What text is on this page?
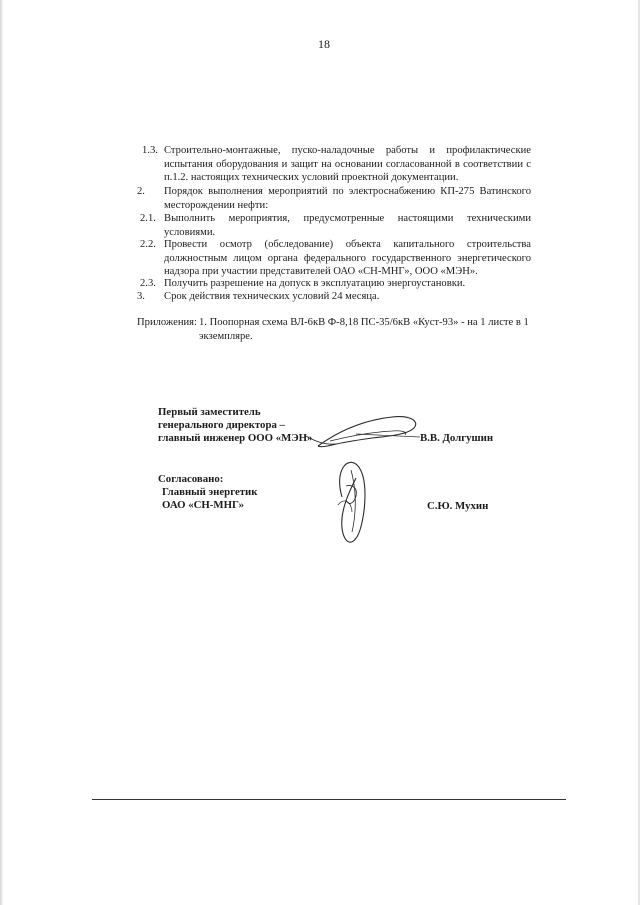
18
1.3. Строительно-монтажные, пуско-наладочные работы и профилактические испытания оборудования и защит на основании согласованной в соответствии с п.1.2. настоящих технических условий проектной документации.
2. Порядок выполнения мероприятий по электроснабжению КП-275 Ватинского месторождении нефти:
2.1. Выполнить мероприятия, предусмотренные настоящими техническими условиями.
2.2. Провести осмотр (обследование) объекта капитального строительства должностным лицом органа федерального государственного энергетического надзора при участии представителей ОАО «СН-МНГ», ООО «МЭН».
2.3. Получить разрешение на допуск в эксплуатацию энергоустановки.
3. Срок действия технических условий 24 месяца.
Приложения: 1. Поопорная схема ВЛ-6кВ Ф-8,18 ПС-35/6кВ «Куст-93» - на 1 листе в 1
экземпляре.
Первый заместитель
генерального директора –
главный инженер ООО «МЭН»	В.В. Долгушин
Согласовано:
Главный энергетик
ОАО «СН-МНГ»	С.Ю. Мухин
